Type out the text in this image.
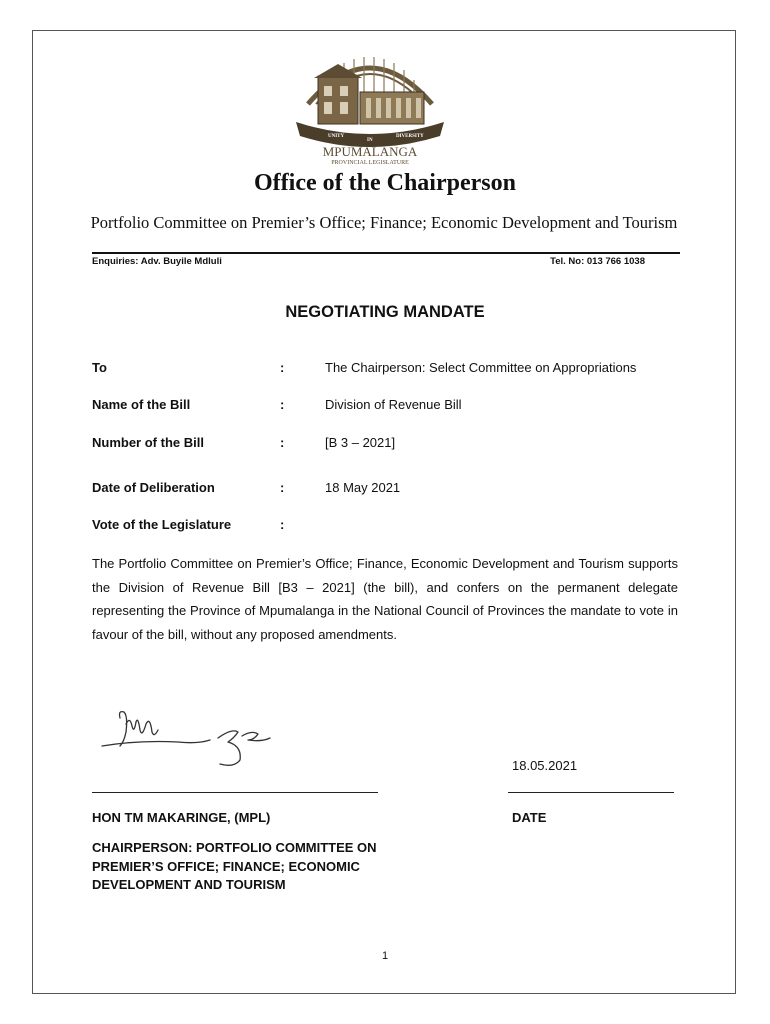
UNITY
IN
DIVERSITY
MPUMALANGA
PROVINCIAL LEGISLATURE
Office of the Chairperson
Portfolio Committee on Premier’s Office; Finance; Economic Development and Tourism
Enquiries: Adv. Buyile Mdluli	Tel. No: 013 766 1038
NEGOTIATING MANDATE
To	:	The Chairperson: Select Committee on Appropriations
Name of the Bill	:	Division of Revenue Bill
Number of the Bill	:	[B 3 – 2021]
Date of Deliberation	:	18 May 2021
Vote of the Legislature	:
The Portfolio Committee on Premier’s Office; Finance, Economic Development and Tourism supports the Division of Revenue Bill [B3 – 2021] (the bill), and confers on the permanent delegate representing the Province of Mpumalanga in the National Council of Provinces the mandate to vote in favour of the bill, without any proposed amendments.
18.05.2021
HON TM MAKARINGE, (MPL)	DATE
CHAIRPERSON: PORTFOLIO COMMITTEE ON PREMIER’S OFFICE; FINANCE; ECONOMIC DEVELOPMENT AND TOURISM
1
